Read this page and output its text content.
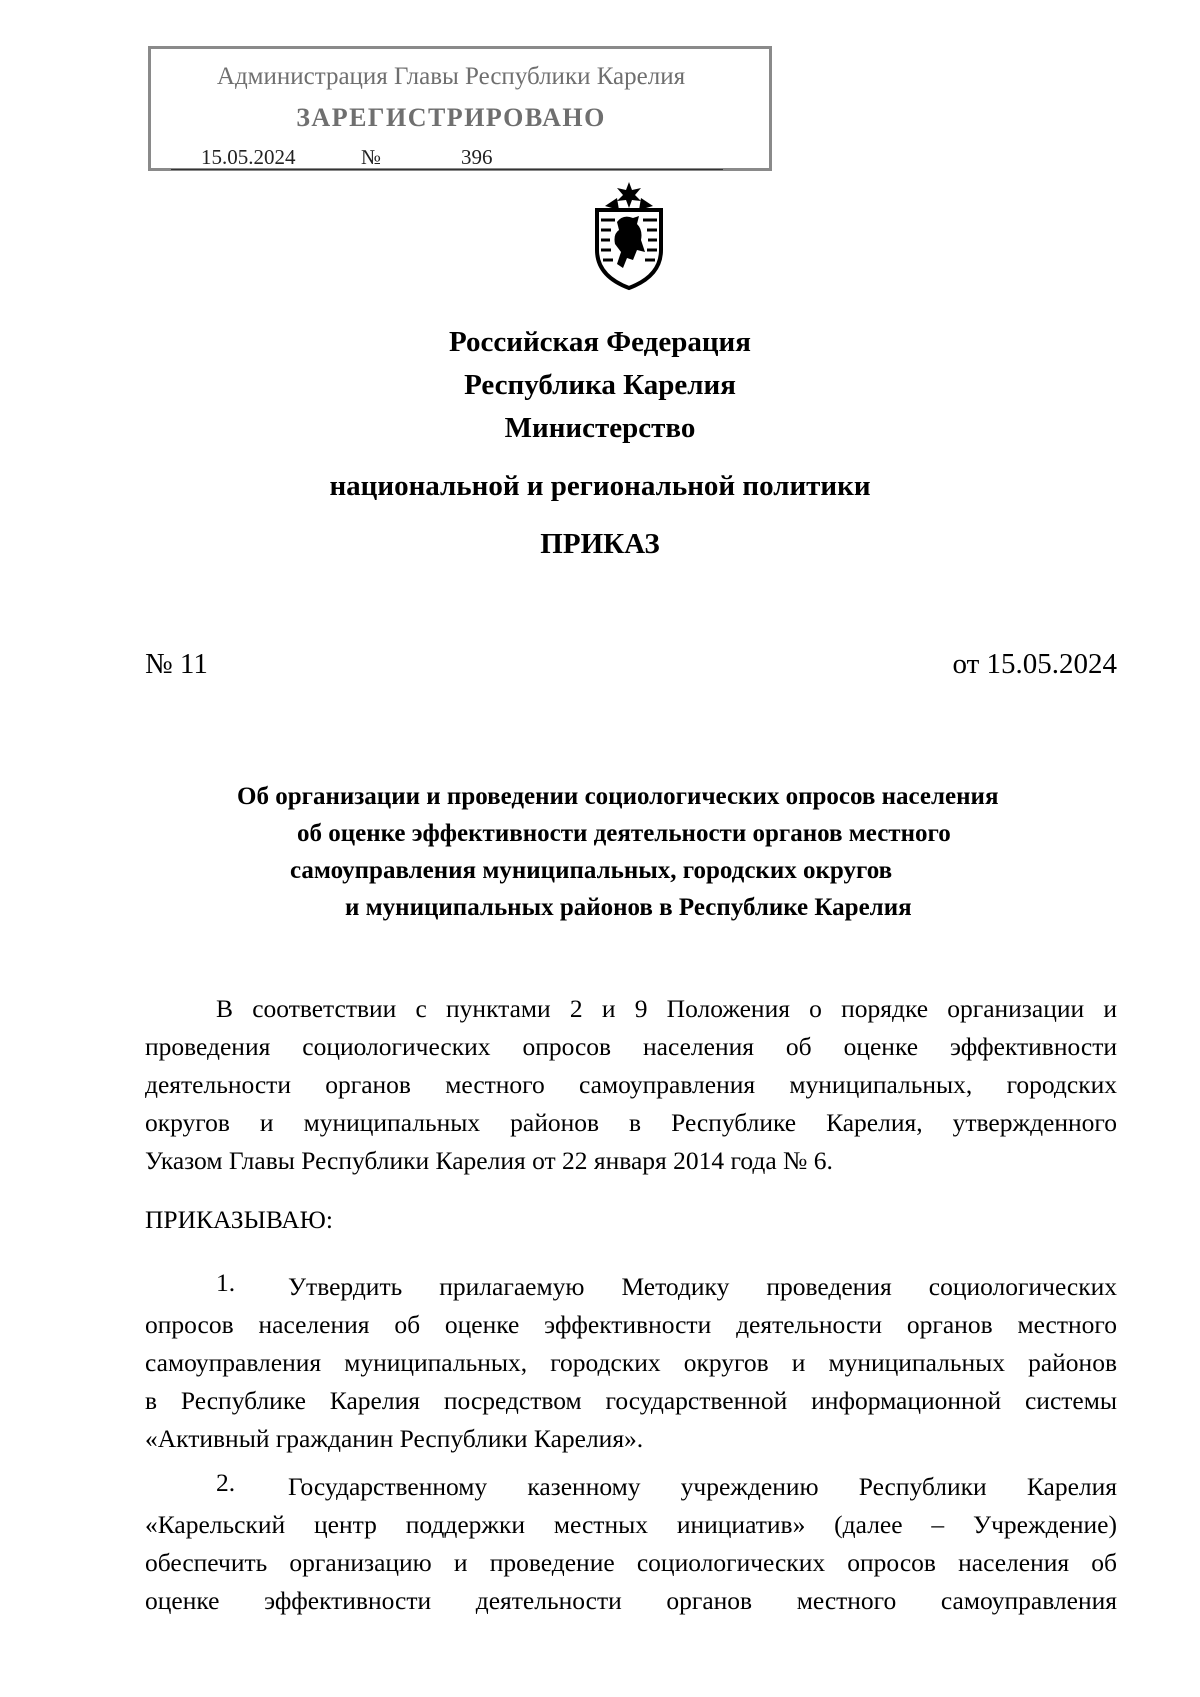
Администрация Главы Республики Карелия
ЗАРЕГИСТРИРОВАНО
15.05.2024	№	396
Российская Федерация
Республика Карелия
Министерство
национальной и региональной политики
ПРИКАЗ
№ 11	от 15.05.2024
Об организации и проведении социологических опросов населения
об оценке эффективности деятельности органов местного
самоуправления муниципальных, городских округов
и муниципальных районов в Республике Карелия
В соответствии с пунктами 2 и 9 Положения о порядке организации и
проведения социологических опросов населения об оценке эффективности
деятельности органов местного самоуправления муниципальных, городских
округов и муниципальных районов в Республике Карелия, утвержденного
Указом Главы Республики Карелия от 22 января 2014 года № 6.
ПРИКАЗЫВАЮ:
1. Утвердить прилагаемую Методику проведения социологических
опросов населения об оценке эффективности деятельности органов местного
самоуправления муниципальных, городских округов и муниципальных районов
в Республике Карелия посредством государственной информационной системы
«Активный гражданин Республики Карелия».
2. Государственному казенному учреждению Республики Карелия
«Карельский центр поддержки местных инициатив» (далее – Учреждение)
обеспечить организацию и проведение социологических опросов населения об
оценке эффективности деятельности органов местного самоуправления
